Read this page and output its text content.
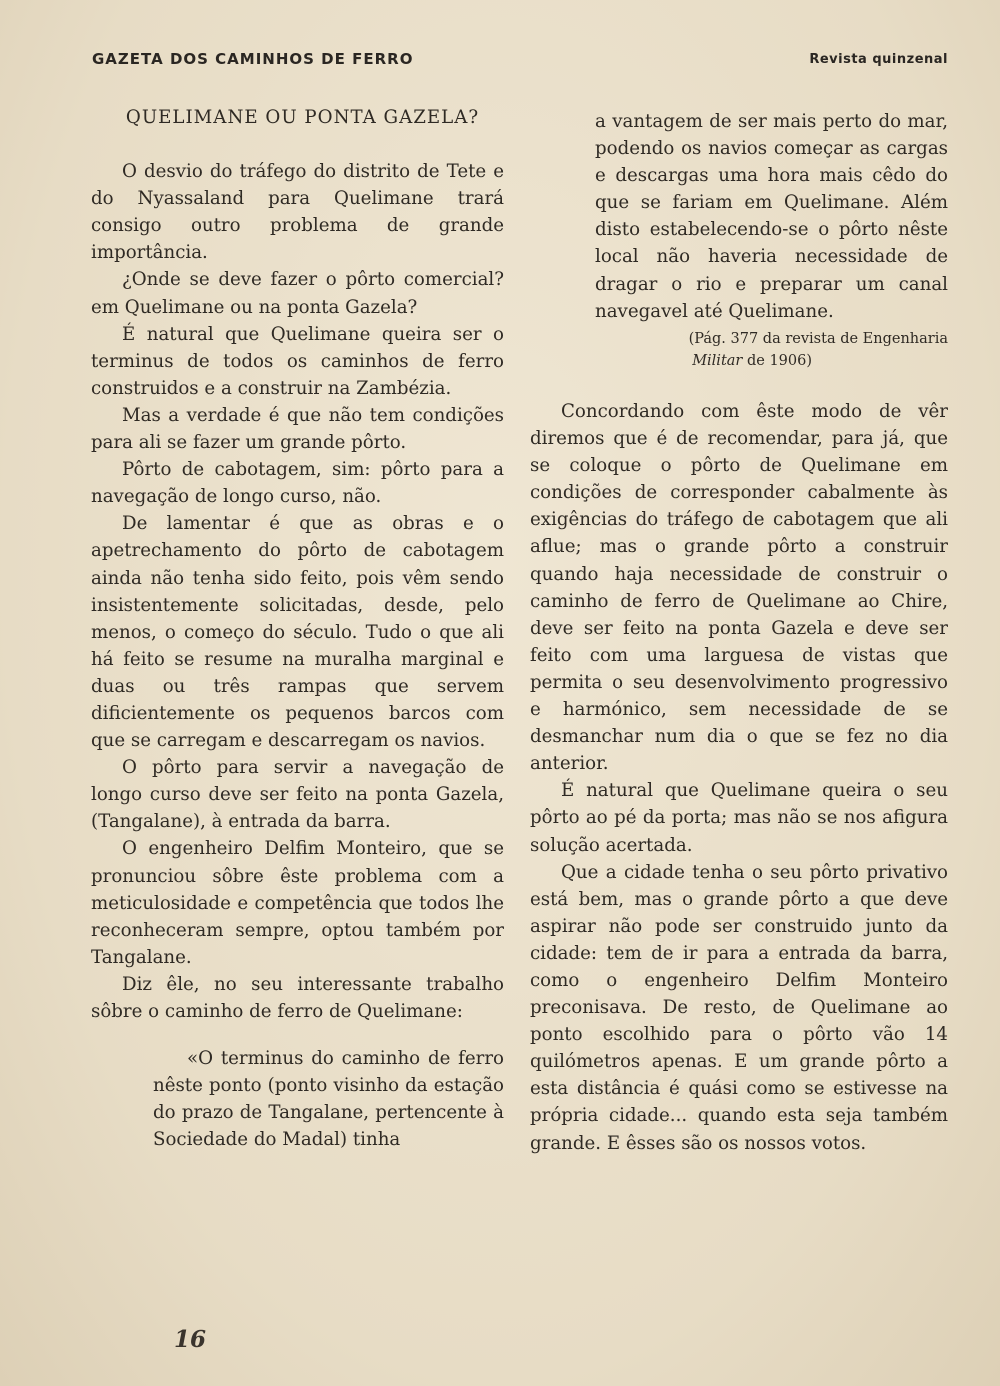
GAZETA DOS CAMINHOS DE FERRO	Revista quinzenal

QUELIMANE OU PONTA GAZELA?

O desvio do tráfego do distrito de Tete e do Nyassaland para Quelimane trará consigo outro problema de grande importância.

¿Onde se deve fazer o pôrto comercial? em Quelimane ou na ponta Gazela?

É natural que Quelimane queira ser o terminus de todos os caminhos de ferro construidos e a construir na Zambézia.

Mas a verdade é que não tem condições para ali se fazer um grande pôrto.

Pôrto de cabotagem, sim: pôrto para a navegação de longo curso, não.

De lamentar é que as obras e o apetrechamento do pôrto de cabotagem ainda não tenha sido feito, pois vêm sendo insistentemente solicitadas, desde, pelo menos, o começo do século. Tudo o que ali há feito se resume na muralha marginal e duas ou três rampas que servem dificientemente os pequenos barcos com que se carregam e descarregam os navios.

O pôrto para servir a navegação de longo curso deve ser feito na ponta Gazela, (Tangalane), à entrada da barra.

O engenheiro Delfim Monteiro, que se pronunciou sôbre êste problema com a meticulosidade e competência que todos lhe reconheceram sempre, optou também por Tangalane.

Diz êle, no seu interessante trabalho sôbre o caminho de ferro de Quelimane:

«O terminus do caminho de ferro nêste ponto (ponto visinho da estação do prazo de Tangalane, pertencente à Sociedade do Madal) tinha

a vantagem de ser mais perto do mar, podendo os navios começar as cargas e descargas uma hora mais cêdo do que se fariam em Quelimane. Além disto estabelecendo-se o pôrto nêste local não haveria necessidade de dragar o rio e preparar um canal navegavel até Quelimane.

(Pág. 377 da revista de Engenharia

Militar de 1906)

Concordando com êste modo de vêr diremos que é de recomendar, para já, que se coloque o pôrto de Quelimane em condições de corresponder cabalmente às exigências do tráfego de cabotagem que ali aflue; mas o grande pôrto a construir quando haja necessidade de construir o caminho de ferro de Quelimane ao Chire, deve ser feito na ponta Gazela e deve ser feito com uma larguesa de vistas que permita o seu desenvolvimento progressivo e harmónico, sem necessidade de se desmanchar num dia o que se fez no dia anterior.

É natural que Quelimane queira o seu pôrto ao pé da porta; mas não se nos afigura solução acertada.

Que a cidade tenha o seu pôrto privativo está bem, mas o grande pôrto a que deve aspirar não pode ser construido junto da cidade: tem de ir para a entrada da barra, como o engenheiro Delfim Monteiro preconisava. De resto, de Quelimane ao ponto escolhido para o pôrto vão 14 quilómetros apenas. E um grande pôrto a esta distância é quási como se estivesse na própria cidade... quando esta seja também grande. E êsses são os nossos votos.

16
